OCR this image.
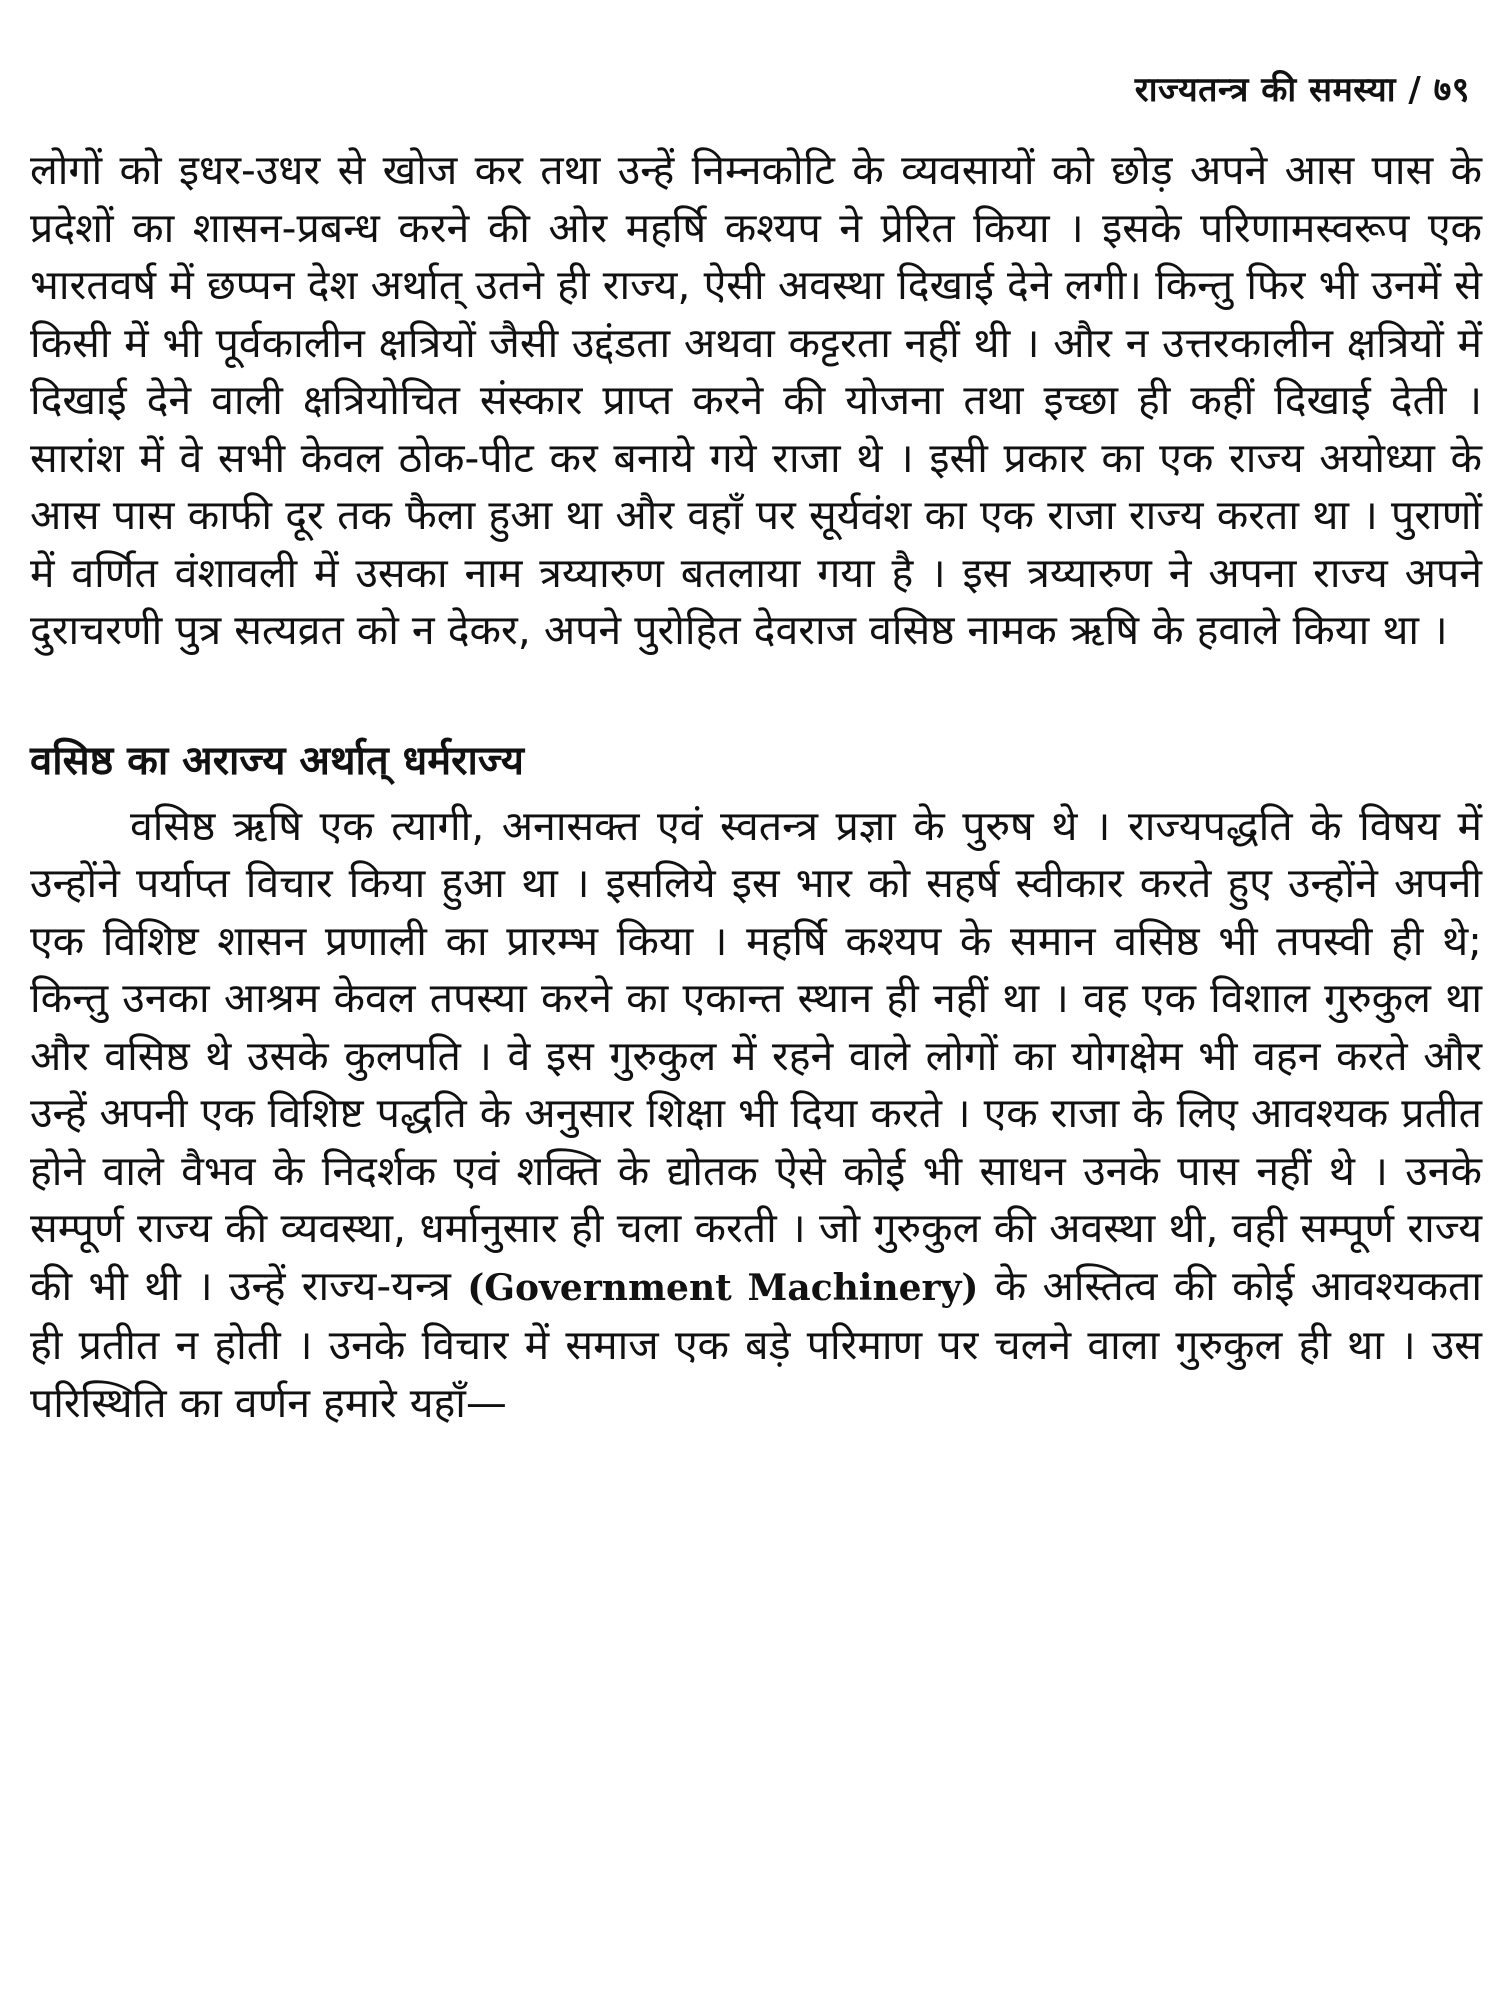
राज्यतन्त्र की समस्या / ७९

लोगों को इधर-उधर से खोज कर तथा उन्हें निम्नकोटि के व्यवसायों को छोड़ अपने आस पास के प्रदेशों का शासन-प्रबन्ध करने की ओर महर्षि कश्यप ने प्रेरित किया । इसके परिणामस्वरूप एक भारतवर्ष में छप्पन देश अर्थात् उतने ही राज्य, ऐसी अवस्था दिखाई देने लगी। किन्तु फिर भी उनमें से किसी में भी पूर्वकालीन क्षत्रियों जैसी उद्दंडता अथवा कट्टरता नहीं थी । और न उत्तरकालीन क्षत्रियों में दिखाई देने वाली क्षत्रियोचित संस्कार प्राप्त करने की योजना तथा इच्छा ही कहीं दिखाई देती । सारांश में वे सभी केवल ठोक-पीट कर बनाये गये राजा थे । इसी प्रकार का एक राज्य अयोध्या के आस पास काफी दूर तक फैला हुआ था और वहाँ पर सूर्यवंश का एक राजा राज्य करता था । पुराणों में वर्णित वंशावली में उसका नाम त्रय्यारुण बतलाया गया है । इस त्रय्यारुण ने अपना राज्य अपने दुराचरणी पुत्र सत्यव्रत को न देकर, अपने पुरोहित देवराज वसिष्ठ नामक ऋषि के हवाले किया था ।

वसिष्ठ का अराज्य अर्थात् धर्मराज्य

वसिष्ठ ऋषि एक त्यागी, अनासक्त एवं स्वतन्त्र प्रज्ञा के पुरुष थे । राज्यपद्धति के विषय में उन्होंने पर्याप्त विचार किया हुआ था । इसलिये इस भार को सहर्ष स्वीकार करते हुए उन्होंने अपनी एक विशिष्ट शासन प्रणाली का प्रारम्भ किया । महर्षि कश्यप के समान वसिष्ठ भी तपस्वी ही थे; किन्तु उनका आश्रम केवल तपस्या करने का एकान्त स्थान ही नहीं था । वह एक विशाल गुरुकुल था और वसिष्ठ थे उसके कुलपति । वे इस गुरुकुल में रहने वाले लोगों का योगक्षेम भी वहन करते और उन्हें अपनी एक विशिष्ट पद्धति के अनुसार शिक्षा भी दिया करते । एक राजा के लिए आवश्यक प्रतीत होने वाले वैभव के निदर्शक एवं शक्ति के द्योतक ऐसे कोई भी साधन उनके पास नहीं थे । उनके सम्पूर्ण राज्य की व्यवस्था, धर्मानुसार ही चला करती । जो गुरुकुल की अवस्था थी, वही सम्पूर्ण राज्य की भी थी । उन्हें राज्य-यन्त्र (Government Machinery) के अस्तित्व की कोई आवश्यकता ही प्रतीत न होती । उनके विचार में समाज एक बड़े परिमाण पर चलने वाला गुरुकुल ही था । उस परिस्थिति का वर्णन हमारे यहाँ—
